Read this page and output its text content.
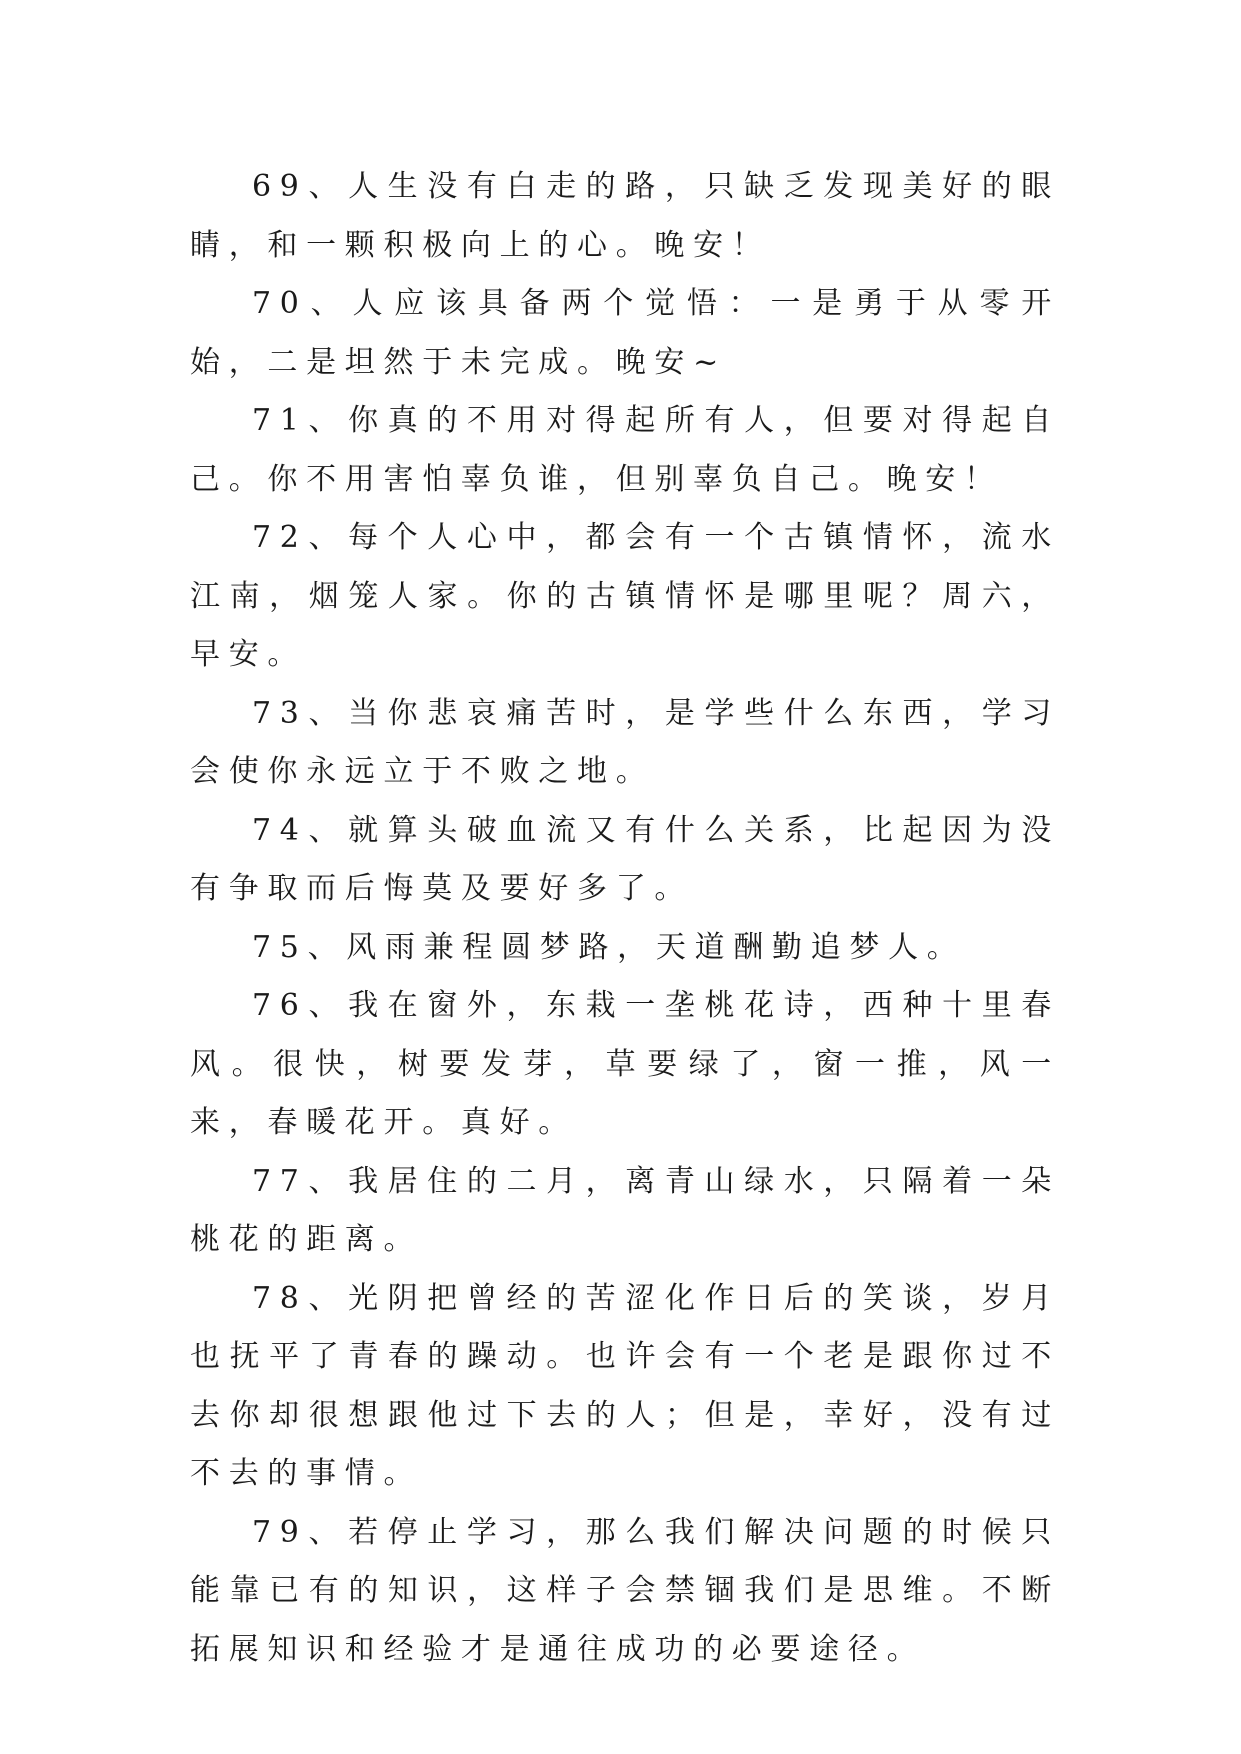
69、人生没有白走的路，只缺乏发现美好的眼睛，和一颗积极向上的心。晚安！

70、人应该具备两个觉悟：一是勇于从零开始，二是坦然于未完成。晚安~

71、你真的不用对得起所有人，但要对得起自己。你不用害怕辜负谁，但别辜负自己。晚安！

72、每个人心中，都会有一个古镇情怀，流水江南，烟笼人家。你的古镇情怀是哪里呢？周六，早安。

73、当你悲哀痛苦时，是学些什么东西，学习会使你永远立于不败之地。

74、就算头破血流又有什么关系，比起因为没有争取而后悔莫及要好多了。

75、风雨兼程圆梦路，天道酬勤追梦人。

76、我在窗外，东栽一垄桃花诗，西种十里春风。很快，树要发芽，草要绿了，窗一推，风一来，春暖花开。真好。

77、我居住的二月，离青山绿水，只隔着一朵桃花的距离。

78、光阴把曾经的苦涩化作日后的笑谈，岁月也抚平了青春的躁动。也许会有一个老是跟你过不去你却很想跟他过下去的人；但是，幸好，没有过不去的事情。

79、若停止学习，那么我们解决问题的时候只能靠已有的知识，这样子会禁锢我们是思维。不断拓展知识和经验才是通往成功的必要途径。
